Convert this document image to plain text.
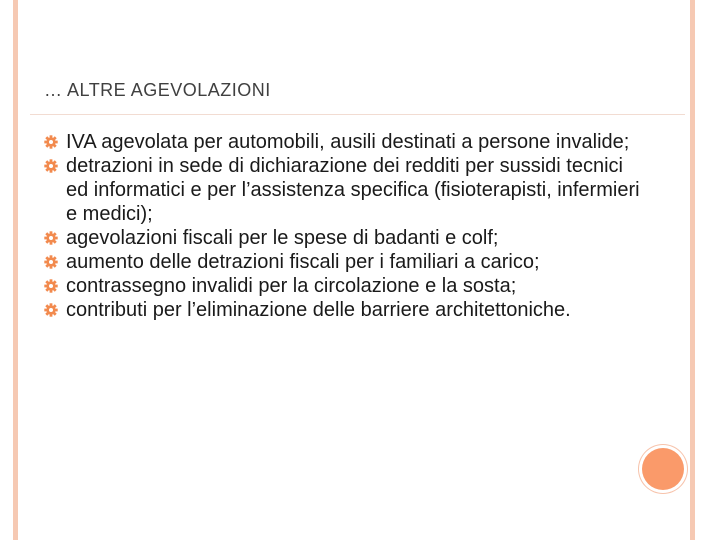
… ALTRE AGEVOLAZIONI
IVA agevolata per automobili, ausili destinati a persone invalide;
detrazioni in sede di dichiarazione dei redditi per sussidi tecnici ed informatici e per l’assistenza specifica (fisioterapisti, infermieri e medici);
agevolazioni fiscali per le spese di badanti e colf;
aumento delle detrazioni fiscali per i familiari a carico;
contrassegno invalidi per la circolazione e la sosta;
contributi per l’eliminazione delle barriere architettoniche.
